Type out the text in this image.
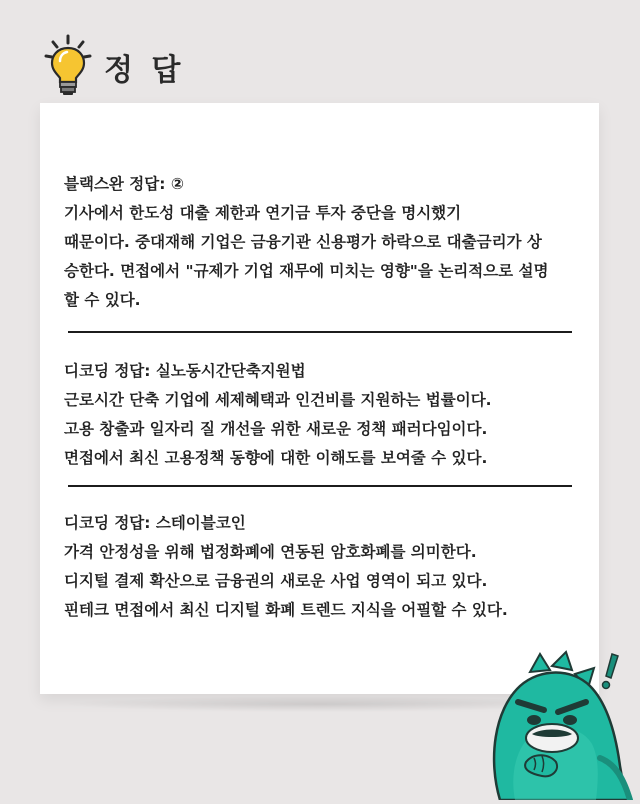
정 답

블랙스완 정답: ②

기사에서 한도성 대출 제한과 연기금 투자 중단을 명시했기

때문이다. 중대재해 기업은 금융기관 신용평가 하락으로 대출금리가 상

승한다. 면접에서 "규제가 기업 재무에 미치는 영향"을 논리적으로 설명

할 수 있다.

디코딩 정답: 실노동시간단축지원법

근로시간 단축 기업에 세제혜택과 인건비를 지원하는 법률이다.

고용 창출과 일자리 질 개선을 위한 새로운 정책 패러다임이다.

면접에서 최신 고용정책 동향에 대한 이해도를 보여줄 수 있다.

디코딩 정답: 스테이블코인

가격 안정성을 위해 법정화폐에 연동된 암호화폐를 의미한다.

디지털 결제 확산으로 금융권의 새로운 사업 영역이 되고 있다.

핀테크 면접에서 최신 디지털 화폐 트렌드 지식을 어필할 수 있다.
